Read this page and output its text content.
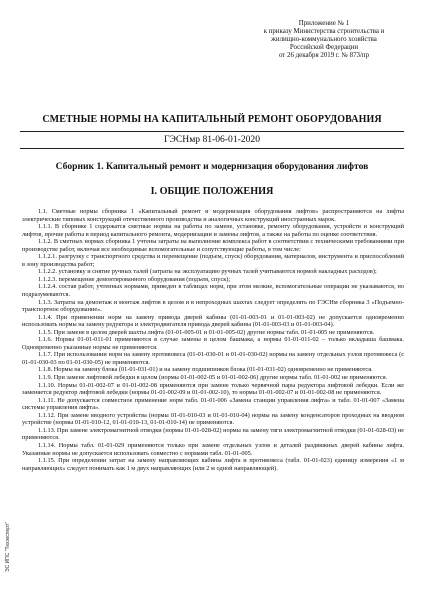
Приложение № 1
к приказу Министерства строительства и
жилищно-коммунального хозяйства
Российской Федерации
от 26 декабря 2019 г. № 873/пр
СМЕТНЫЕ НОРМЫ НА КАПИТАЛЬНЫЙ РЕМОНТ ОБОРУДОВАНИЯ
ГЭСНмр 81-06-01-2020
Сборник 1. Капитальный ремонт и модернизация оборудования лифтов
I. ОБЩИЕ ПОЛОЖЕНИЯ

1.1. Сметные нормы сборника 1 «Капитальный ремонт и модернизация оборудования лифтов» распространяются на лифты электрические типовых конструкций отечественного производства и аналогичных конструкций иностранных марок.

1.1.1. В сборнике 1 содержатся сметные нормы на работы по замене, установке, ремонту оборудования, устройств и конструкций лифтов, прочие работы в период капитального ремонта, модернизации и замены лифтов, а также на работы по оценке соответствия.

1.1.2. В сметных нормах сборника 1 учтены затраты на выполнение комплекса работ в соответствии с техническими требованиями при производстве работ, включая все необходимые вспомогательные и сопутствующие работы, в том числе:

1.1.2.1. разгрузку с транспортного средства и перемещение (подъем, спуск) оборудования, материалов, инструмента и приспособлений в зону производства работ;

1.1.2.2. установку и снятие ручных талей (затраты на эксплуатацию ручных талей учитываются нормой накладных расходов);

1.1.2.3. перемещение демонтированного оборудования (подъем, спуск);

1.1.2.4. состав работ, учтенных нормами, приведен в таблицах норм, при этом мелкие, вспомогательные операции не указываются, но подразумеваются.

1.1.3. Затраты на демонтаж и монтаж лифтов в целом и в непроходных шахтах следует определять по ГЭСНм сборника 3 «Подъемно-транспортное оборудование».

1.1.4. При применении норм на замену привода дверей кабины (01-01-003-01 и 01-01-003-02) не допускается одновременно использовать нормы на замену редуктора и электродвигателя привода дверей кабины (01-01-003-03 и 01-01-003-04).

1.1.5. При замене в целом дверей шахты лифта (01-01-005-01 и 01-01-005-02) другие нормы табл. 01-01-005 не применяются.

1.1.6. Нормы 01-01-011-01 применяются в случае замены в целом башмака, а нормы 01-01-011-02 – только вкладыша башмака. Одновременно указанные нормы не применяются.

1.1.7. При использовании норм на замену противовеса (01-01-030-01 и 01-01-030-02) нормы на замену отдельных узлов противовеса (с 01-01-030-03 по 01-01-030-05) не применяются.

1.1.8. Нормы на замену блока (01-01-031-01) и на замену подшипников блока (01-01-031-02) одновременно не применяются.

1.1.9. При замене лифтовой лебедки в целом (нормы 01-01-002-05 и 01-01-002-06) другие нормы табл. 01-01-002 не применяются.

1.1.10. Нормы 01-01-002-07 и 01-01-002-08 применяются при замене только червячной пары редуктора лифтовой лебедки. Если же заменяется редуктор лифтовой лебедки (нормы 01-01-002-09 и 01-01-002-10), то нормы 01-01-002-07 и 01-01-002-08 не применяются.

1.1.11. Не допускается совместное применение норм табл. 01-01-006 «Замена станции управления лифта» и табл. 01-01-007 «Замена системы управления лифта».

1.1.12. При замене вводного устройства (нормы 01-01-010-03 и 01-01-010-04) нормы на замену конденсаторов проходных на вводном устройстве (нормы 01-01-010-12, 01-01-010-13, 01-01-010-14) не применяются.

1.1.13. При замене электромагнитной отводки (нормы 01-01-028-02) нормы на замену тяги электромагнитной отводки (01-01-028-03) не применяются.

1.1.14. Нормы табл. 01-01-029 применяются только при замене отдельных узлов и деталей раздвижных дверей кабины лифта. Указанные нормы не допускается использовать совместно с нормами табл. 01-01-005.

1.1.15. При определении затрат на замену направляющих кабины лифта и противовеса (табл. 01-01-023) единицу измерения «1 м направляющих» следует понимать как 1 м двух направляющих (или 2 м одной направляющей).

ЭС ИПС "Техэксперт"
